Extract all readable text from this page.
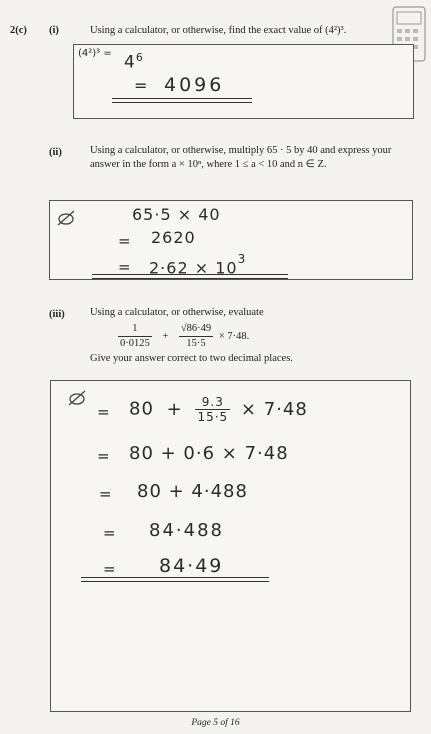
2(c) (i)	Using a calculator, or otherwise, find the exact value of (4²)³.
$(4^2)^3 = 4^6$
= 4096
(ii)	Using a calculator, or otherwise, multiply 65 · 5 by 40 and express your
answer in the form a × 10ⁿ, where 1 ≤ a < 10 and n ∈ Z.
65·5 × 40
= 2620
= $2\cdot 62 \times 10^3$
(iii) Using a calculator, or otherwise, evaluate
$\frac{1}{0\cdot 0125} + \frac{√86\cdot 49}{15\cdot 5} \times 7\cdot 48$.
Give your answer correct to two decimal places.
= $80 + \frac{9.3}{15\cdot 5} \times 7\cdot 48$
= 80 + 0·6 × 7·48
= 80 + 4·488
= 84·488
= 84·49
Page 5 of 16
